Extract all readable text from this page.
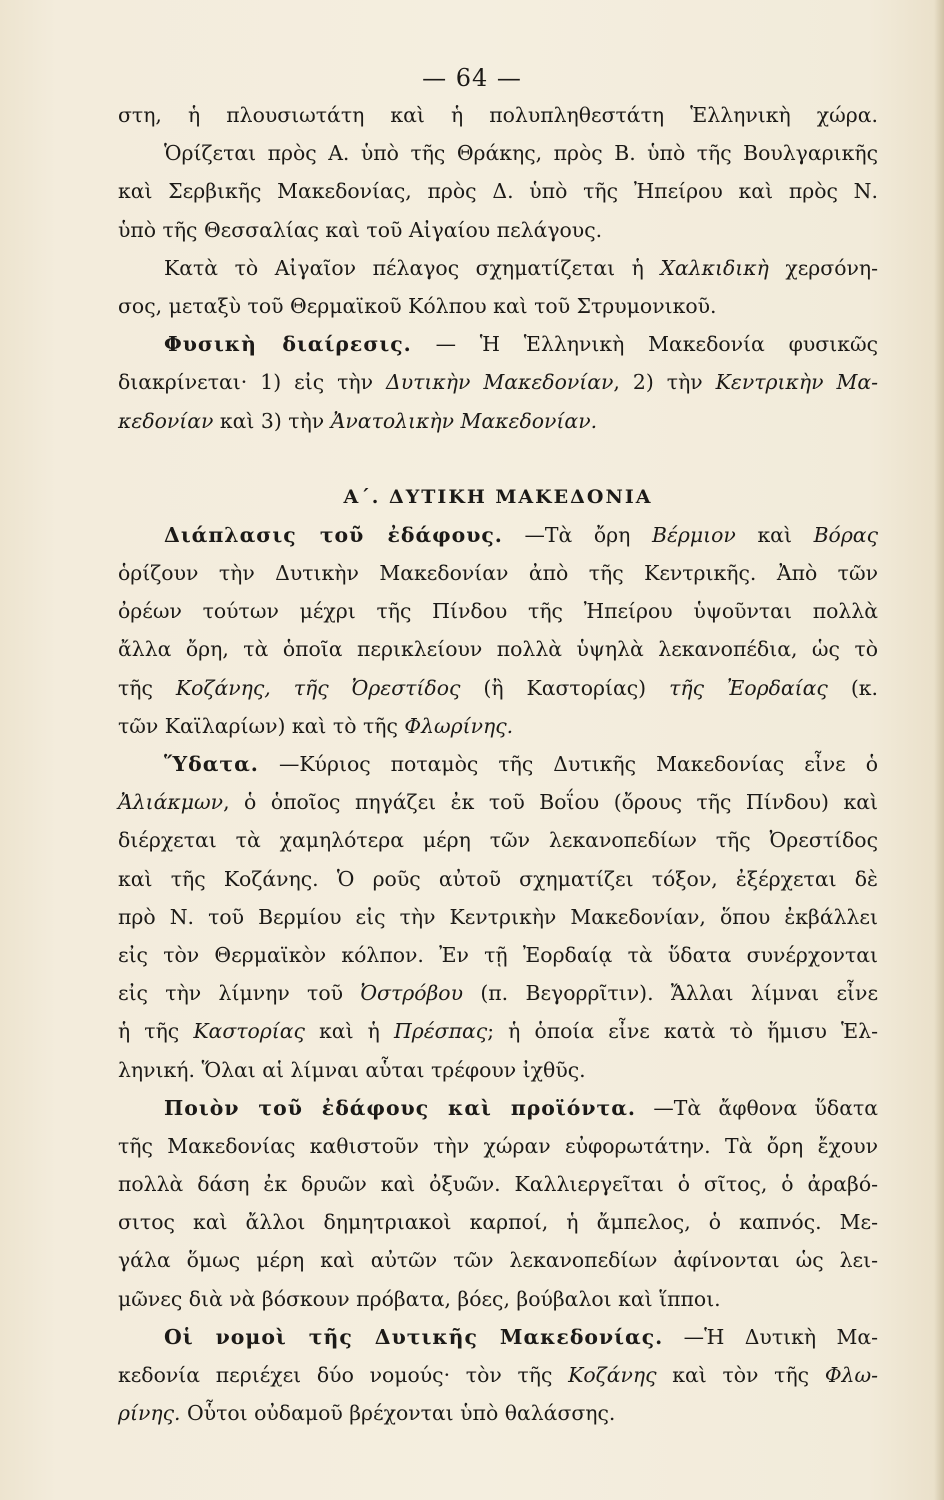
— 64 —
στη, ἡ πλουσιωτάτη καὶ ἡ πολυπληθεστάτη Ἑλληνικὴ χώρα.
Ὁρίζεται πρὸς Α. ὑπὸ τῆς Θράκης, πρὸς Β. ὑπὸ τῆς Βουλγαρικῆς
καὶ Σερβικῆς Μακεδονίας, πρὸς Δ. ὑπὸ τῆς Ἠπείρου καὶ πρὸς Ν.
ὑπὸ τῆς Θεσσαλίας καὶ τοῦ Αἰγαίου πελάγους.
Κατὰ τὸ Αἰγαῖον πέλαγος σχηματίζεται ἡ Χαλκιδικὴ χερσόνη-
σος, μεταξὺ τοῦ Θερμαϊκοῦ Κόλπου καὶ τοῦ Στρυμονικοῦ.
Φυσικὴ διαίρεσις. — Ἡ Ἑλληνικὴ Μακεδονία φυσικῶς
διακρίνεται· 1) εἰς τὴν Δυτικὴν Μακεδονίαν, 2) τὴν Κεντρικὴν Μα-
κεδονίαν καὶ 3) τὴν Ἀνατολικὴν Μακεδονίαν.
Α΄. ΔΥΤΙΚΗ ΜΑΚΕΔΟΝΙΑ
Διάπλασις τοῦ ἐδάφους. —Τὰ ὄρη Βέρμιον καὶ Βόρας
ὁρίζουν τὴν Δυτικὴν Μακεδονίαν ἀπὸ τῆς Κεντρικῆς. Ἀπὸ τῶν
ὀρέων τούτων μέχρι τῆς Πίνδου τῆς Ἠπείρου ὑψοῦνται πολλὰ
ἄλλα ὄρη, τὰ ὁποῖα περικλείουν πολλὰ ὑψηλὰ λεκανοπέδια, ὡς τὸ
τῆς Κοζάνης, τῆς Ὀρεστίδος (ἢ Καστορίας) τῆς Ἐορδαίας (κ.
τῶν Καϊλαρίων) καὶ τὸ τῆς Φλωρίνης.
Ὕδατα. —Κύριος ποταμὸς τῆς Δυτικῆς Μακεδονίας εἶνε ὁ
Ἀλιάκμων, ὁ ὁποῖος πηγάζει ἐκ τοῦ Βοΐου (ὄρους τῆς Πίνδου) καὶ
διέρχεται τὰ χαμηλότερα μέρη τῶν λεκανοπεδίων τῆς Ὀρεστίδος
καὶ τῆς Κοζάνης. Ὁ ροῦς αὐτοῦ σχηματίζει τόξον, ἐξέρχεται δὲ
πρὸ Ν. τοῦ Βερμίου εἰς τὴν Κεντρικὴν Μακεδονίαν, ὅπου ἐκβάλλει
εἰς τὸν Θερμαϊκὸν κόλπον. Ἐν τῇ Ἐορδαίᾳ τὰ ὕδατα συνέρχονται
εἰς τὴν λίμνην τοῦ Ὀστρόβου (π. Βεγορρῖτιν). Ἄλλαι λίμναι εἶνε
ἡ τῆς Καστορίας καὶ ἡ Πρέσπας; ἡ ὁποία εἶνε κατὰ τὸ ἥμισυ Ἑλ-
ληνική. Ὅλαι αἱ λίμναι αὗται τρέφουν ἰχθῦς.
Ποιὸν τοῦ ἐδάφους καὶ προϊόντα. —Τὰ ἄφθονα ὕδατα
τῆς Μακεδονίας καθιστοῦν τὴν χώραν εὐφορωτάτην. Τὰ ὄρη ἔχουν
πολλὰ δάση ἐκ δρυῶν καὶ ὀξυῶν. Καλλιεργεῖται ὁ σῖτος, ὁ ἀραβό-
σιτος καὶ ἄλλοι δημητριακοὶ καρποί, ἡ ἄμπελος, ὁ καπνός. Με-
γάλα ὅμως μέρη καὶ αὐτῶν τῶν λεκανοπεδίων ἀφίνονται ὡς λει-
μῶνες διὰ νὰ βόσκουν πρόβατα, βόες, βούβαλοι καὶ ἵπποι.
Οἱ νομοὶ τῆς Δυτικῆς Μακεδονίας. —Ἡ Δυτικὴ Μα-
κεδονία περιέχει δύο νομούς· τὸν τῆς Κοζάνης καὶ τὸν τῆς Φλω-
ρίνης. Οὗτοι οὐδαμοῦ βρέχονται ὑπὸ θαλάσσης.
